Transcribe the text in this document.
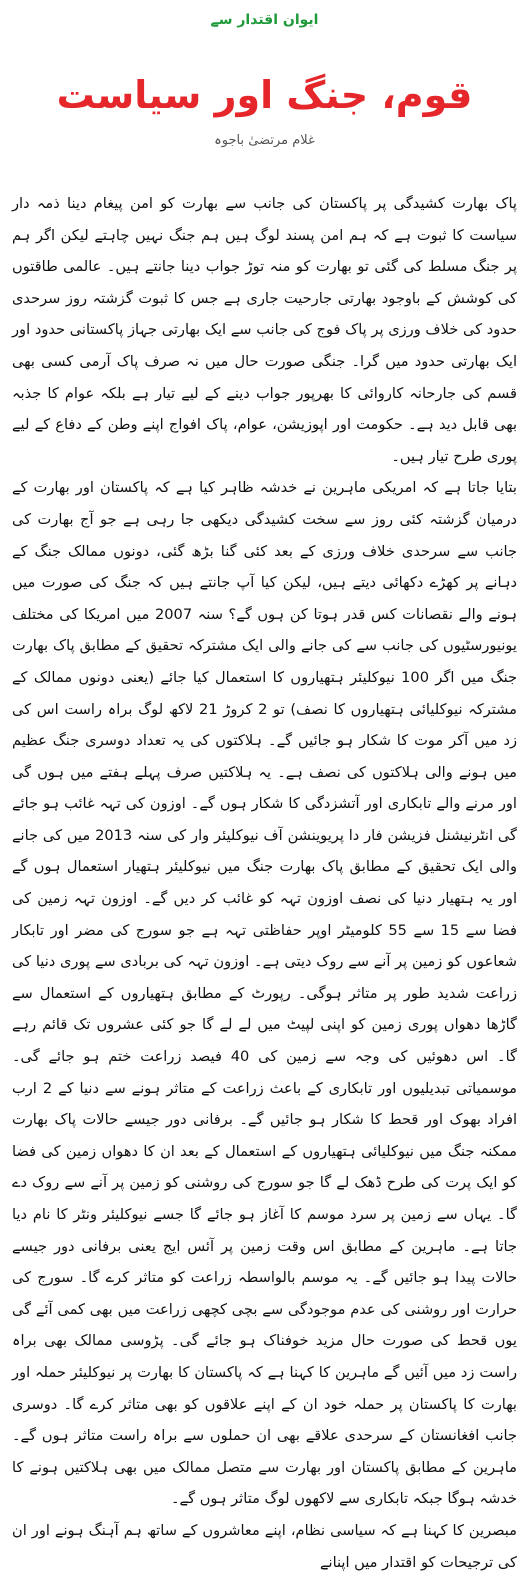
ایوان اقتدار سے
قوم، جنگ اور سیاست
غلام مرتضیٰ باجوہ

پاک بھارت کشیدگی پر پاکستان کی جانب سے بھارت کو امن پیغام دینا ذمہ دار سیاست کا ثبوت ہے کہ ہم امن پسند لوگ ہیں ہم جنگ نہیں چاہتے لیکن اگر ہم پر جنگ مسلط کی گئی تو بھارت کو منہ توڑ جواب دینا جانتے ہیں۔ عالمی طاقتوں کی کوشش کے باوجود بھارتی جارحیت جاری ہے جس کا ثبوت گزشتہ روز سرحدی حدود کی خلاف ورزی پر پاک فوج کی جانب سے ایک بھارتی جہاز پاکستانی حدود اور ایک بھارتی حدود میں گرا۔ جنگی صورت حال میں نہ صرف پاک آرمی کسی بھی قسم کی جارحانہ کاروائی کا بھرپور جواب دینے کے لیے تیار ہے بلکہ عوام کا جذبہ بھی قابل دید ہے۔ حکومت اور اپوزیشن، عوام، پاک افواج اپنے وطن کے دفاع کے لیے پوری طرح تیار ہیں۔

بتایا جاتا ہے کہ امریکی ماہرین نے خدشہ ظاہر کیا ہے کہ پاکستان اور بھارت کے درمیان گزشتہ کئی روز سے سخت کشیدگی دیکھی جا رہی ہے جو آج بھارت کی جانب سے سرحدی خلاف ورزی کے بعد کئی گنا بڑھ گئی، دونوں ممالک جنگ کے دہانے پر کھڑے دکھائی دیتے ہیں، لیکن کیا آپ جانتے ہیں کہ جنگ کی صورت میں ہونے والے نقصانات کس قدر ہوتا کن ہوں گے؟ سنہ 2007 میں امریکا کی مختلف یونیورسٹیوں کی جانب سے کی جانے والی ایک مشترکہ تحقیق کے مطابق پاک بھارت جنگ میں اگر 100 نیوکلیئر ہتھیاروں کا استعمال کیا جائے (یعنی دونوں ممالک کے مشترکہ نیوکلیائی ہتھیاروں کا نصف) تو 2 کروڑ 21 لاکھ لوگ براہ راست اس کی زد میں آکر موت کا شکار ہو جائیں گے۔ ہلاکتوں کی یہ تعداد دوسری جنگ عظیم میں ہونے والی ہلاکتوں کی نصف ہے۔ یہ ہلاکتیں صرف پہلے ہفتے میں ہوں گی اور مرنے والے تابکاری اور آتشزدگی کا شکار ہوں گے۔ اوزون کی تہہ غائب ہو جائے گی انٹرنیشنل فزیشن فار دا پریوینشن آف نیوکلیئر وار کی سنہ 2013 میں کی جانے والی ایک تحقیق کے مطابق پاک بھارت جنگ میں نیوکلیئر ہتھیار استعمال ہوں گے اور یہ ہتھیار دنیا کی نصف اوزون تہہ کو غائب کر دیں گے۔ اوزون تہہ زمین کی فضا سے 15 سے 55 کلومیٹر اوپر حفاظتی تہہ ہے جو سورج کی مضر اور تابکار شعاعوں کو زمین پر آنے سے روک دیتی ہے۔ اوزون تہہ کی بربادی سے پوری دنیا کی زراعت شدید طور پر متاثر ہوگی۔ رپورٹ کے مطابق ہتھیاروں کے استعمال سے گاڑھا دھواں پوری زمین کو اپنی لپیٹ میں لے لے گا جو کئی عشروں تک قائم رہے گا۔ اس دھوئیں کی وجہ سے زمین کی 40 فیصد زراعت ختم ہو جائے گی۔ موسمیاتی تبدیلیوں اور تابکاری کے باعث زراعت کے متاثر ہونے سے دنیا کے 2 ارب افراد بھوک اور قحط کا شکار ہو جائیں گے۔ برفانی دور جیسے حالات پاک بھارت ممکنہ جنگ میں نیوکلیائی ہتھیاروں کے استعمال کے بعد ان کا دھواں زمین کی فضا کو ایک پرت کی طرح ڈھک لے گا جو سورج کی روشنی کو زمین پر آنے سے روک دے گا۔ یہاں سے زمین پر سرد موسم کا آغاز ہو جائے گا جسے نیوکلیئر ونٹر کا نام دیا جاتا ہے۔ ماہرین کے مطابق اس وقت زمین پر آئس ایج یعنی برفانی دور جیسے حالات پیدا ہو جائیں گے۔ یہ موسم بالواسطہ زراعت کو متاثر کرے گا۔ سورج کی حرارت اور روشنی کی عدم موجودگی سے بچی کچھی زراعت میں بھی کمی آئے گی یوں قحط کی صورت حال مزید خوفناک ہو جائے گی۔ پڑوسی ممالک بھی براہ راست زد میں آئیں گے ماہرین کا کہنا ہے کہ پاکستان کا بھارت پر نیوکلیئر حملہ اور بھارت کا پاکستان پر حملہ خود ان کے اپنے علاقوں کو بھی متاثر کرے گا۔ دوسری جانب افغانستان کے سرحدی علاقے بھی ان حملوں سے براہ راست متاثر ہوں گے۔ ماہرین کے مطابق پاکستان اور بھارت سے متصل ممالک میں بھی ہلاکتیں ہونے کا خدشہ ہوگا جبکہ تابکاری سے لاکھوں لوگ متاثر ہوں گے۔

مبصرین کا کہنا ہے کہ سیاسی نظام، اپنے معاشروں کے ساتھ ہم آہنگ ہونے اور ان کی ترجیحات کو اقتدار میں اپنانے
